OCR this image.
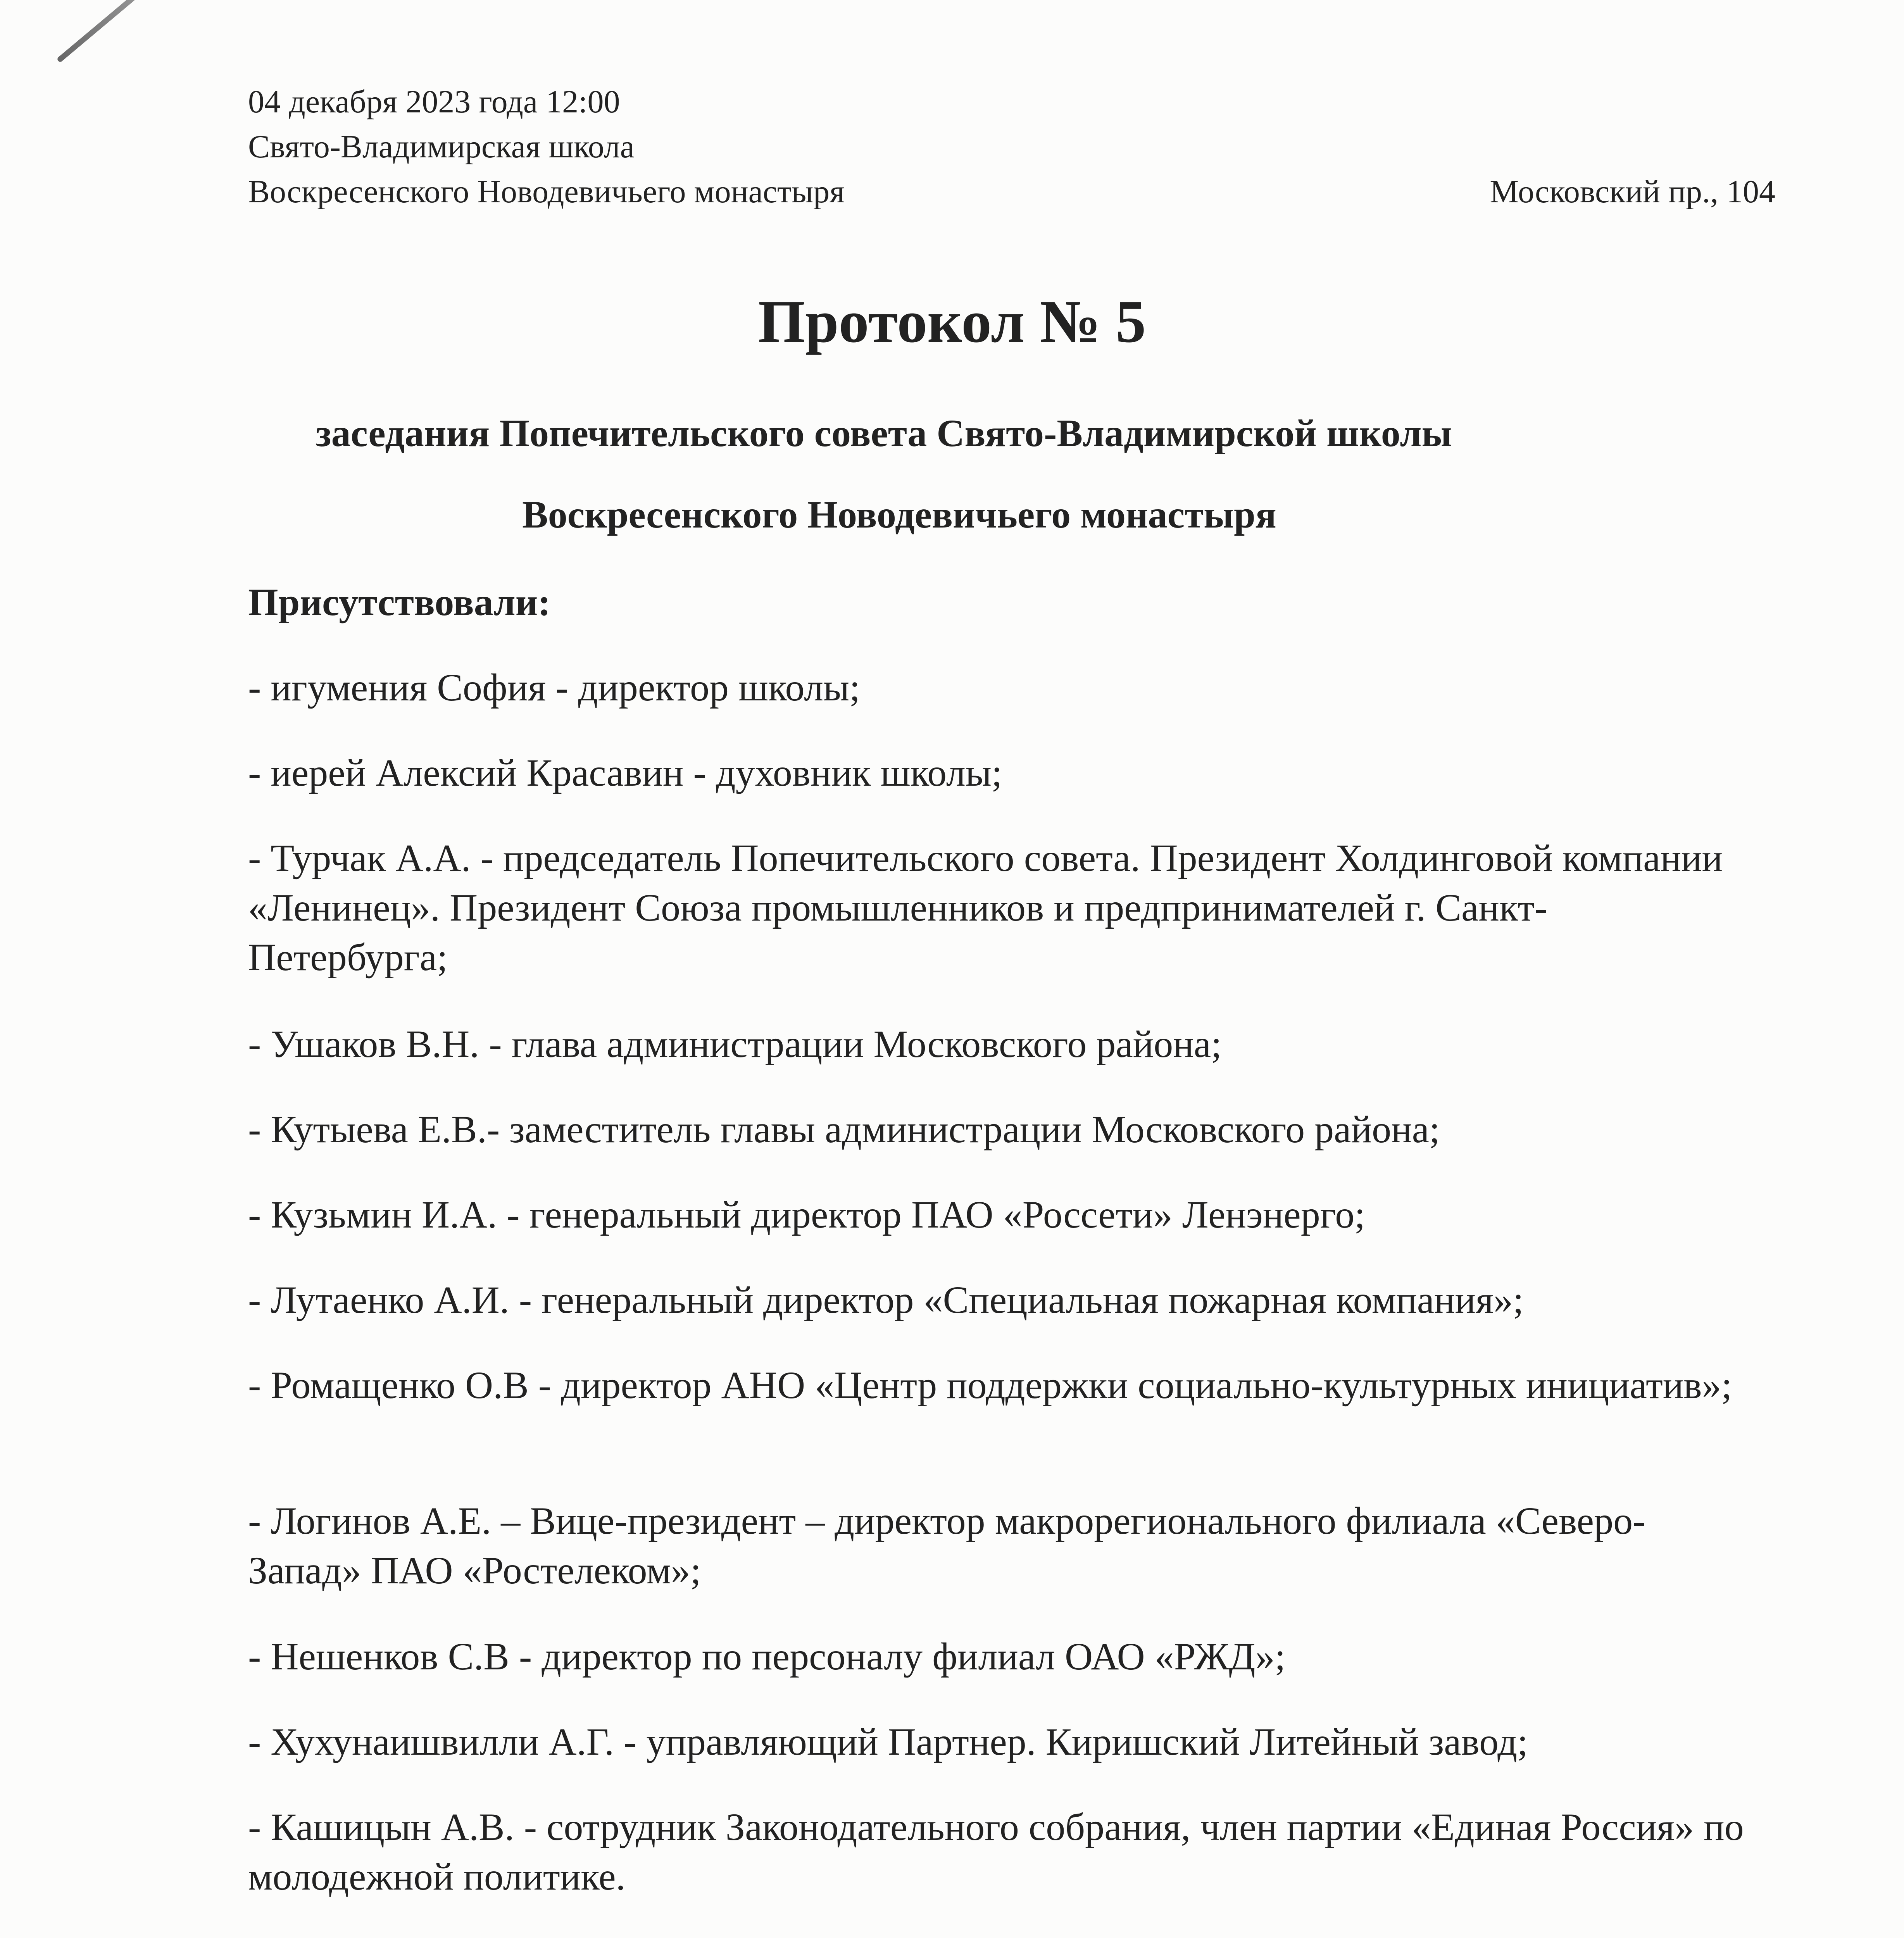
04 декабря 2023 года 12:00
Свято-Владимирская школа
Воскресенского Новодевичьего монастыря	Московский пр., 104
Протокол № 5
заседания Попечительского совета Свято-Владимирской школы
Воскресенского Новодевичьего монастыря
Присутствовали:
- игумения София - директор школы;
- иерей Алексий Красавин - духовник школы;
- Турчак А.А. - председатель Попечительского совета. Президент Холдинговой компании «Ленинец». Президент Союза промышленников и предпринимателей г. Санкт-Петербурга;
- Ушаков В.Н. - глава администрации Московского района;
- Кутыева Е.В.- заместитель главы администрации Московского района;
- Кузьмин И.А. - генеральный директор ПАО «Россети» Ленэнерго;
- Лутаенко А.И. - генеральный директор «Специальная пожарная компания»;
- Ромащенко О.В - директор АНО «Центр поддержки социально-культурных инициатив»;
- Логинов А.Е. – Вице-президент – директор макрорегионального филиала «Северо-Запад» ПАО «Ростелеком»;
- Нешенков С.В - директор по персоналу филиал ОАО «РЖД»;
- Хухунаишвилли А.Г. - управляющий Партнер. Киришский Литейный завод;
- Кашицын А.В. - сотрудник Законодательного собрания, член партии «Единая Россия» по молодежной политике.
